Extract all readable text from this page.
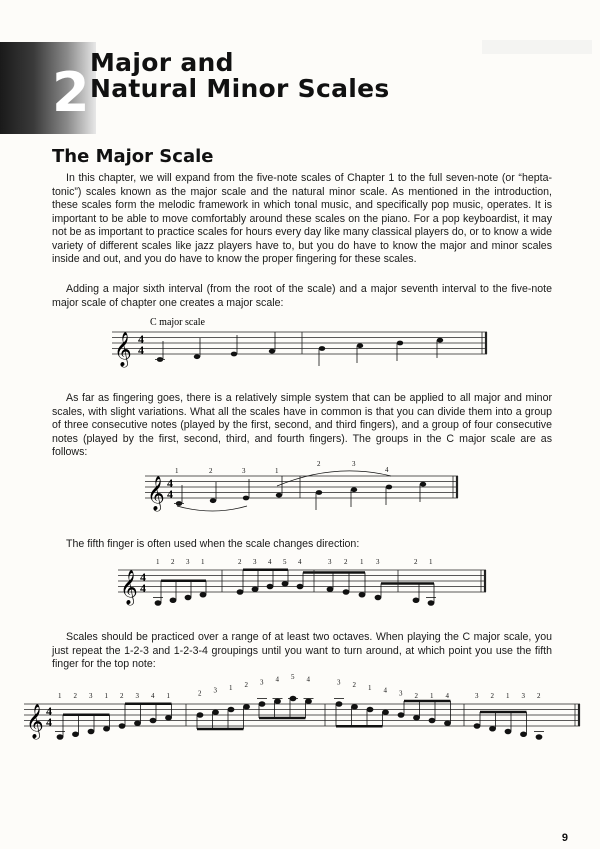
2 Major and
Natural Minor Scales
The Major Scale

In this chapter, we will expand from the five-note scales of Chapter 1 to the full seven-note (or “heptatonic”) scales known as the major scale and the natural minor scale. As mentioned in the introduction, these scales form the melodic framework in which tonal music, and specifically pop music, operates. It is important to be able to move comfortably around these scales on the piano. For a pop keyboardist, it may not be as important to practice scales for hours every day like many classical players do, or to know a wide variety of different scales like jazz players have to, but you do have to know the major and minor scales inside and out, and you do have to know the proper fingering for these scales.

Adding a major sixth interval (from the root of the scale) and a major seventh interval to the five-note major scale of chapter one creates a major scale:

C major scale
𝄞 4
4

As far as fingering goes, there is a relatively simple system that can be applied to all major and minor scales, with slight variations. What all the scales have in common is that you can divide them into a group of three consecutive notes (played by the first, second, and third fingers), and a group of four consecutive notes (played by the first, second, third, and fourth fingers). The groups in the C major scale are as follows:

𝄞 4
4
1	2	3	1
2	3
4

The fifth finger is often used when the scale changes direction:

𝄞 4
4
1 2 3 1	2 3 4 5 4	3 2 1 3	2 1

Scales should be practiced over a range of at least two octaves. When playing the C major scale, you just repeat the 1-2-3 and 1-2-3-4 groupings until you want to turn around, at which point you use the fifth finger for the top note:

𝄞 4
4
1 2 3 1 2 3 4 1	2 3 1 2 3 4 5 4	3 2 1 4 3 2 1 4	3 2 1 3 2
9
